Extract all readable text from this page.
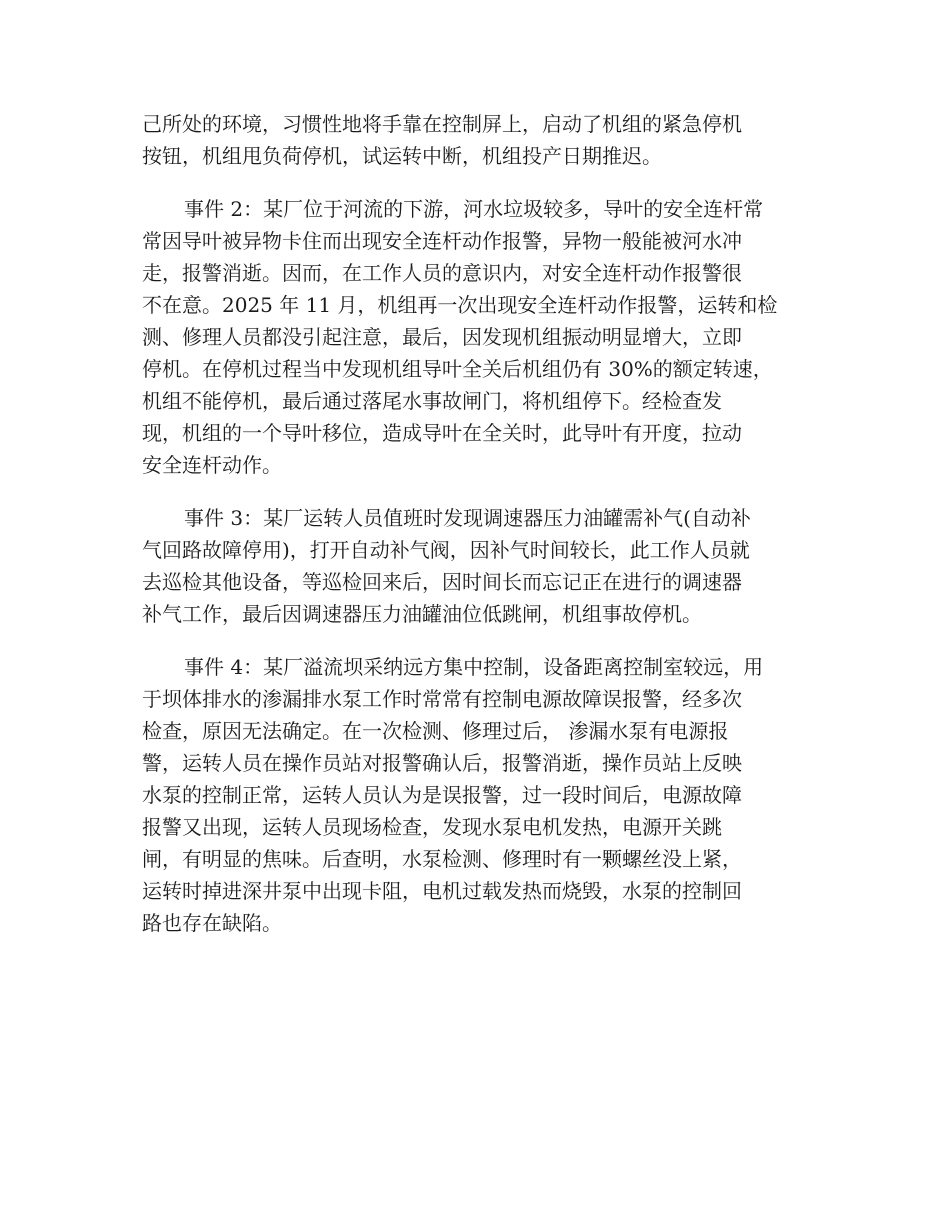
己所处的环境，习惯性地将手靠在控制屏上，启动了机组的紧急停机
按钮，机组甩负荷停机，试运转中断，机组投产日期推迟。

事件 2：某厂位于河流的下游，河水垃圾较多，导叶的安全连杆常
常因导叶被异物卡住而出现安全连杆动作报警，异物一般能被河水冲
走，报警消逝。因而，在工作人员的意识内，对安全连杆动作报警很
不在意。2025 年 11 月，机组再一次出现安全连杆动作报警，运转和检
测、修理人员都没引起注意，最后，因发现机组振动明显增大，立即
停机。在停机过程当中发现机组导叶全关后机组仍有 30%的额定转速，
机组不能停机，最后通过落尾水事故闸门，将机组停下。经检查发
现，机组的一个导叶移位，造成导叶在全关时，此导叶有开度，拉动
安全连杆动作。

事件 3：某厂运转人员值班时发现调速器压力油罐需补气(自动补
气回路故障停用)，打开自动补气阀，因补气时间较长，此工作人员就
去巡检其他设备，等巡检回来后，因时间长而忘记正在进行的调速器
补气工作，最后因调速器压力油罐油位低跳闸，机组事故停机。

事件 4：某厂溢流坝采纳远方集中控制，设备距离控制室较远，用
于坝体排水的渗漏排水泵工作时常常有控制电源故障误报警，经多次
检查，原因无法确定。在一次检测、修理过后， 渗漏水泵有电源报
警，运转人员在操作员站对报警确认后，报警消逝，操作员站上反映
水泵的控制正常，运转人员认为是误报警，过一段时间后，电源故障
报警又出现，运转人员现场检查，发现水泵电机发热，电源开关跳
闸，有明显的焦味。后查明，水泵检测、修理时有一颗螺丝没上紧，
运转时掉进深井泵中出现卡阻，电机过载发热而烧毁，水泵的控制回
路也存在缺陷。
